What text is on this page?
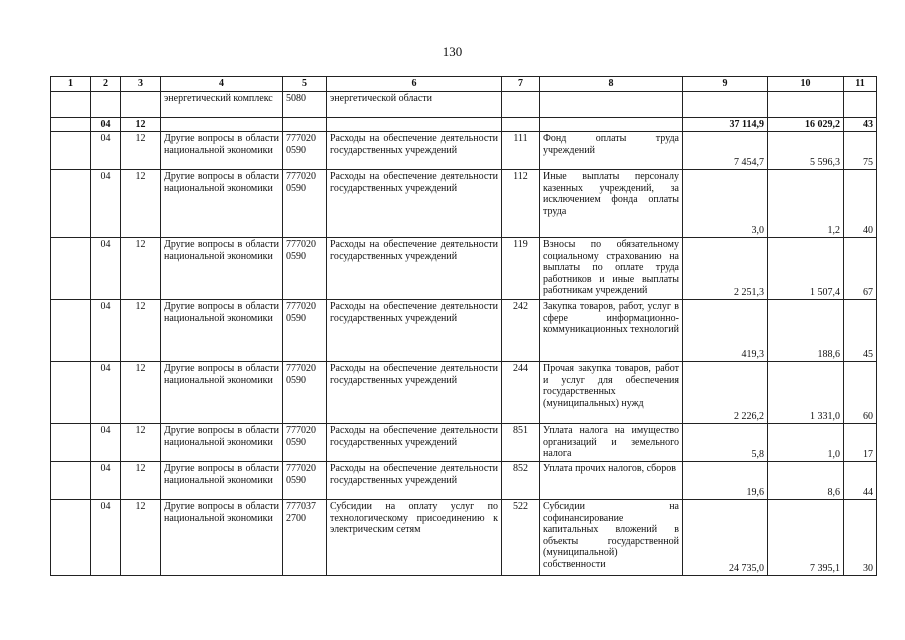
130
1	2	3	4	5	6	7	8	9	10	11
			энергетический комплекс	5080	энергетической области					
	04	12						37 114,9	16 029,2	43
	04	12	Другие вопросы в области национальной экономики	777020 0590	Расходы на обеспечение деятельности государственных учреждений	111	Фонд оплаты труда учреждений	7 454,7	5 596,3	75
	04	12	Другие вопросы в области национальной экономики	777020 0590	Расходы на обеспечение деятельности государственных учреждений	112	Иные выплаты персоналу казенных учреждений, за исключением фонда оплаты труда	3,0	1,2	40
	04	12	Другие вопросы в области национальной экономики	777020 0590	Расходы на обеспечение деятельности государственных учреждений	119	Взносы по обязательному социальному страхованию на выплаты по оплате труда работников и иные выплаты работникам учреждений	2 251,3	1 507,4	67
	04	12	Другие вопросы в области национальной экономики	777020 0590	Расходы на обеспечение деятельности государственных учреждений	242	Закупка товаров, работ, услуг в сфере информационно-коммуникационных технологий	419,3	188,6	45
	04	12	Другие вопросы в области национальной экономики	777020 0590	Расходы на обеспечение деятельности государственных учреждений	244	Прочая закупка товаров, работ и услуг для обеспечения государственных (муниципальных) нужд	2 226,2	1 331,0	60
	04	12	Другие вопросы в области национальной экономики	777020 0590	Расходы на обеспечение деятельности государственных учреждений	851	Уплата налога на имущество организаций и земельного налога	5,8	1,0	17
	04	12	Другие вопросы в области национальной экономики	777020 0590	Расходы на обеспечение деятельности государственных учреждений	852	Уплата прочих налогов, сборов	19,6	8,6	44
	04	12	Другие вопросы в области национальной экономики	777037 2700	Субсидии на оплату услуг по технологическому присоединению к электрическим сетям	522	Субсидии на софинансирование капитальных вложений в объекты государственной (муниципальной) собственности	24 735,0	7 395,1	30
